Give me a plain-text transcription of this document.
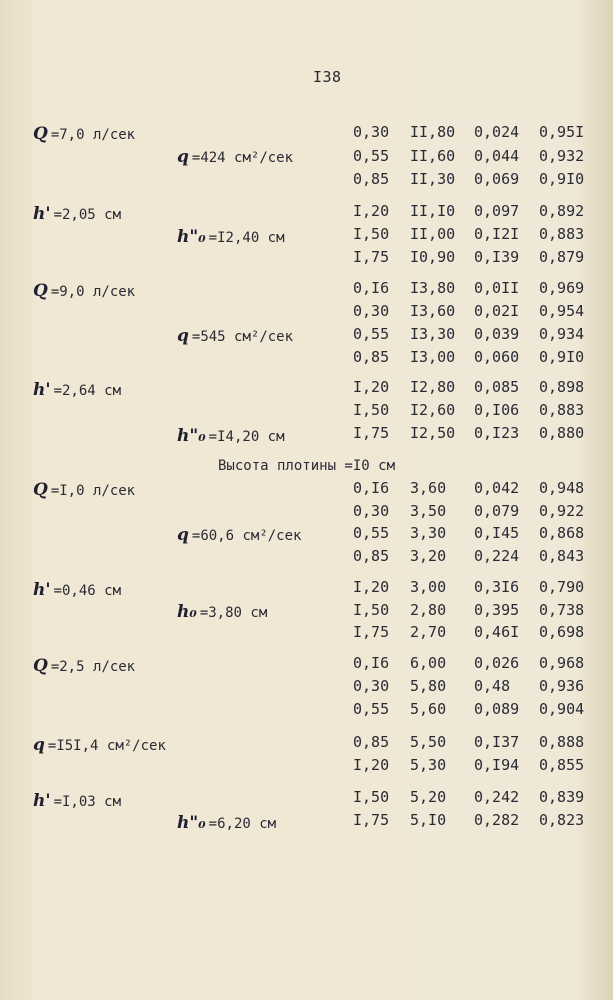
I38
Q =7,0 л/сек
q =424 см²/сек
h' =2,05 см
h"₀ =I2,40 см
Q =9,0 л/сек
q =545 см²/сек
h' =2,64 см
h"₀ =I4,20 см
Высота плотины =I0 см
Q =I,0 л/сек
q =60,6 см²/сек
h' =0,46 см
h₀ =3,80 см
Q =2,5 л/сек
q =I5I,4 см²/сек
h' =I,03 см
h"₀ =6,20 см
0,30 II,80 0,024 0,95I
0,55 II,60 0,044 0,932
0,85 II,30 0,069 0,9I0
I,20 II,I0 0,097 0,892
I,50 II,00 0,I2I 0,883
I,75 I0,90 0,I39 0,879
0,I6 I3,80 0,0II 0,969
0,30 I3,60 0,02I 0,954
0,55 I3,30 0,039 0,934
0,85 I3,00 0,060 0,9I0
I,20 I2,80 0,085 0,898
I,50 I2,60 0,I06 0,883
I,75 I2,50 0,I23 0,880
0,I6 3,60 0,042 0,948
0,30 3,50 0,079 0,922
0,55 3,30 0,I45 0,868
0,85 3,20 0,224 0,843
I,20 3,00 0,3I6 0,790
I,50 2,80 0,395 0,738
I,75 2,70 0,46I 0,698
0,I6 6,00 0,026 0,968
0,30 5,80 0,48 0,936
0,55 5,60 0,089 0,904
0,85 5,50 0,I37 0,888
I,20 5,30 0,I94 0,855
I,50 5,20 0,242 0,839
I,75 5,I0 0,282 0,823
